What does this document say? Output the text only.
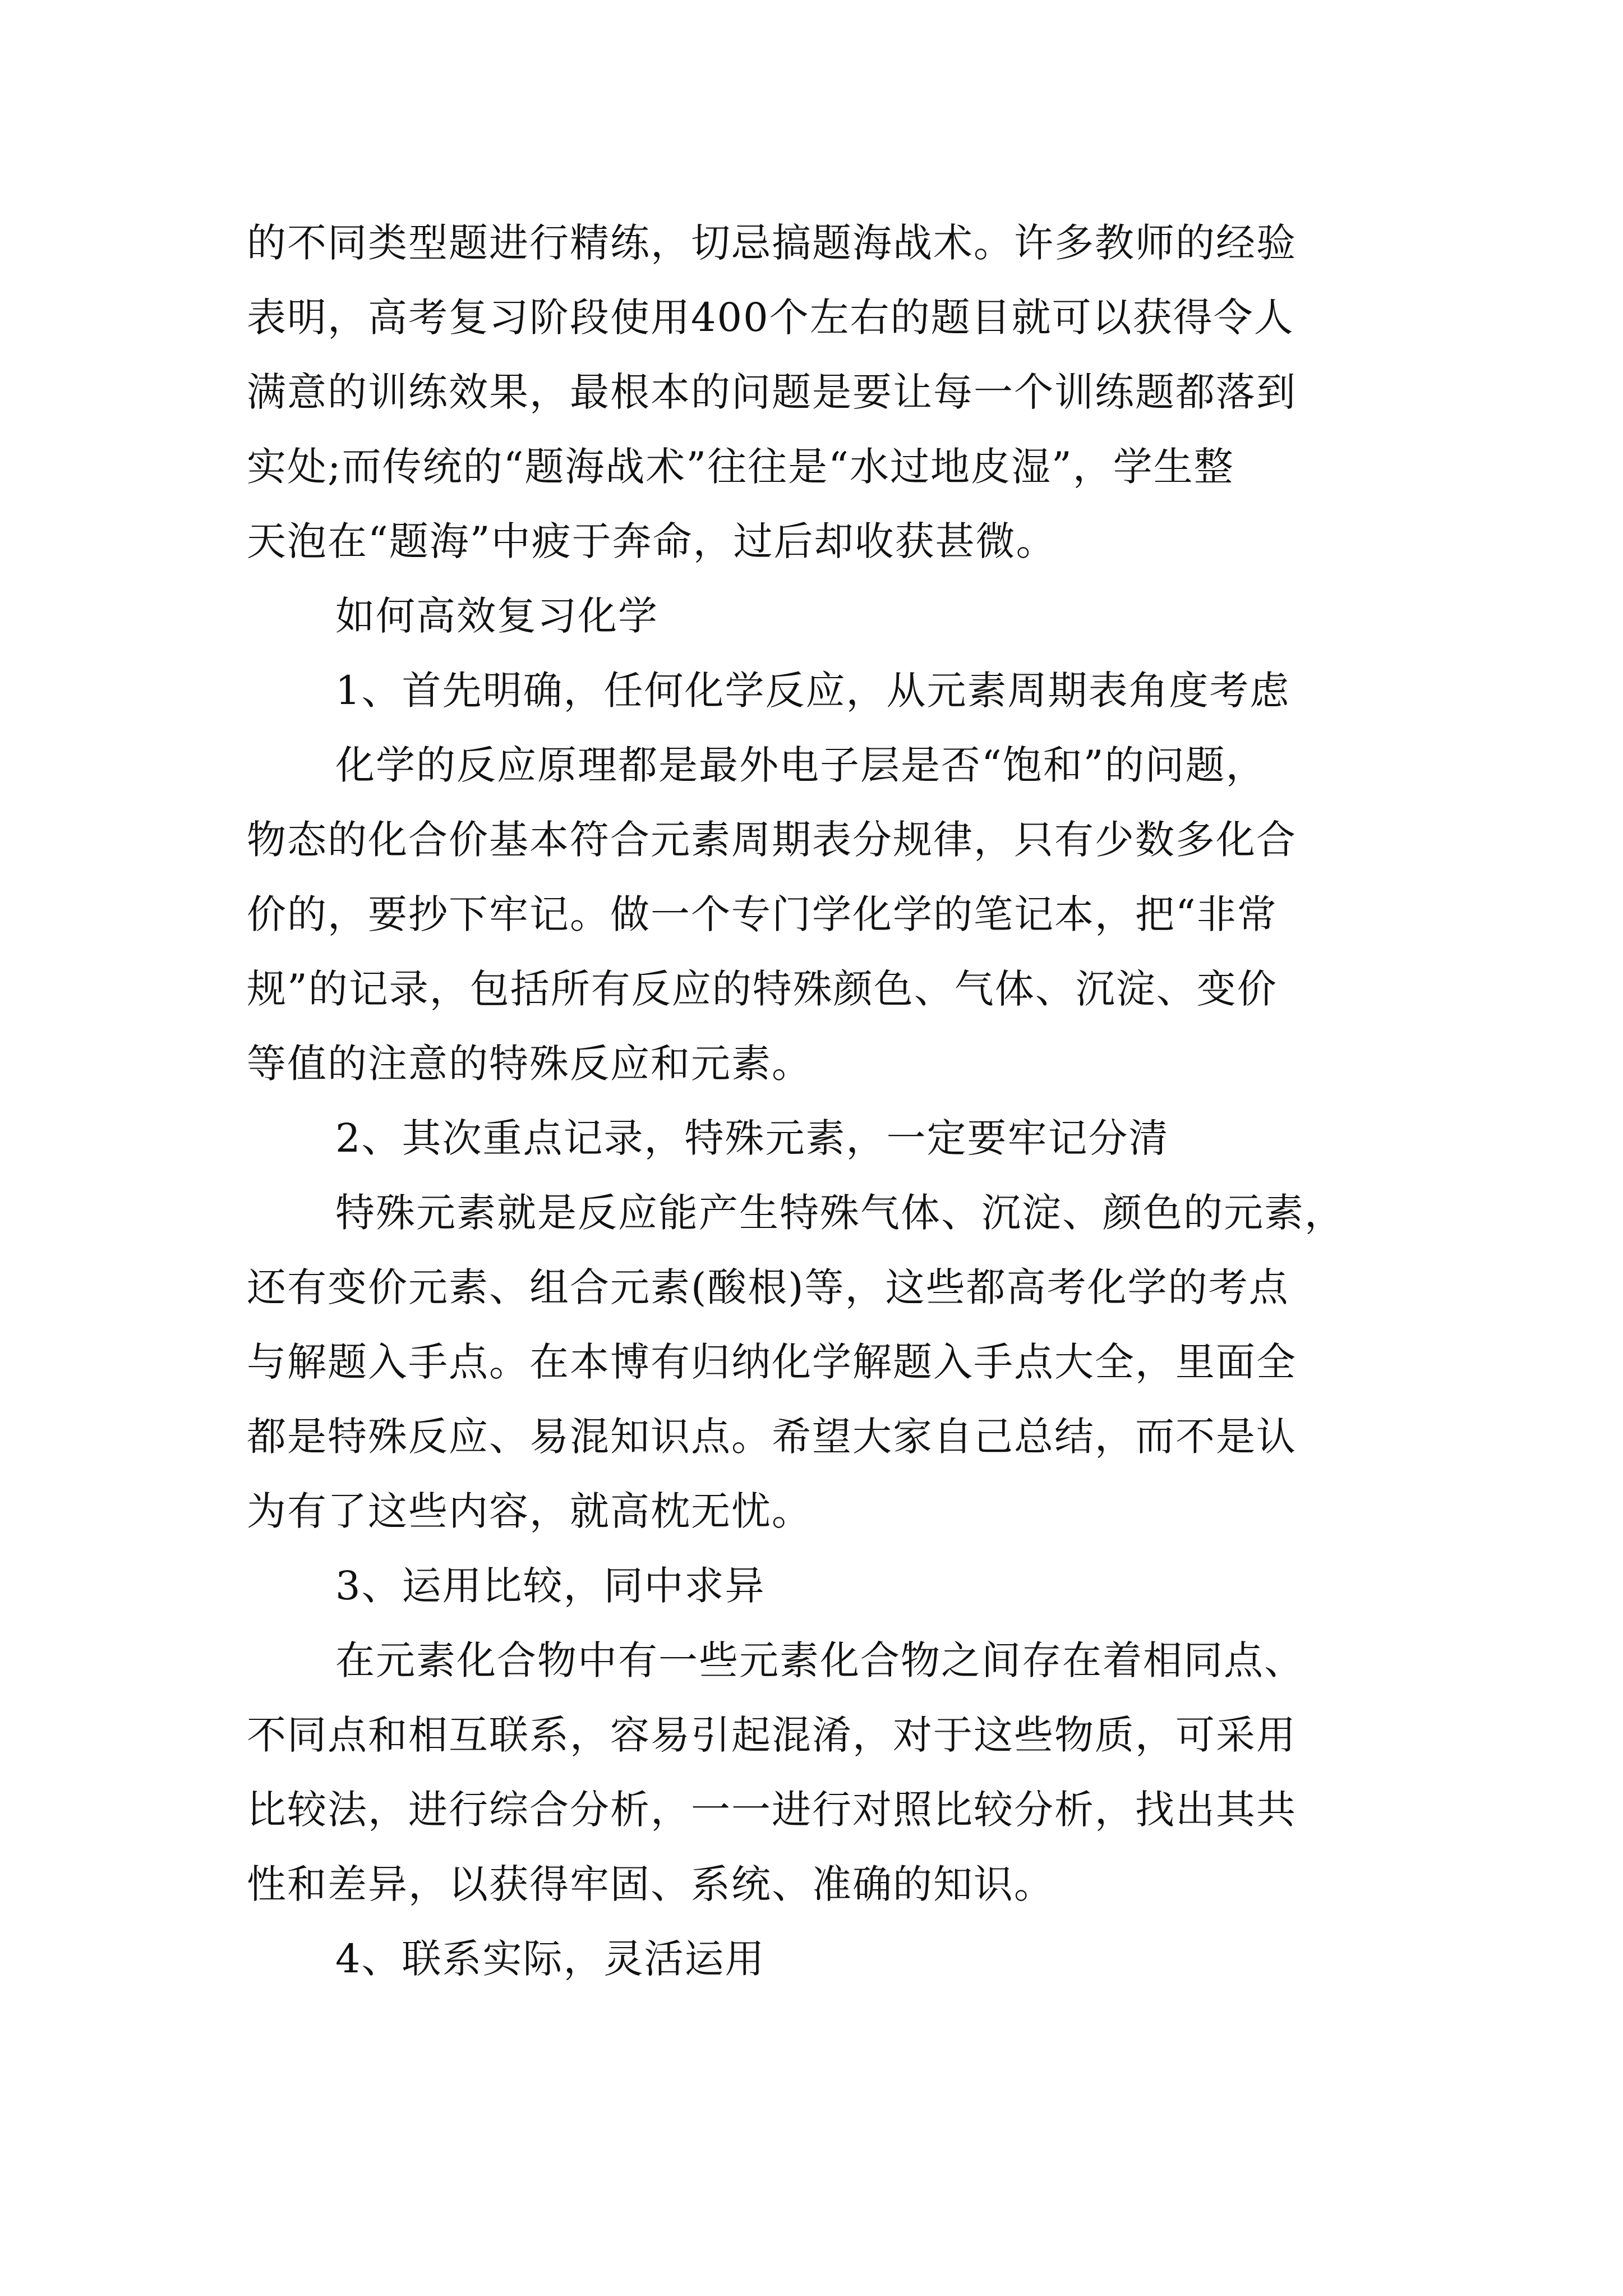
的不同类型题进行精练，切忌搞题海战术。许多教师的经验
表明，高考复习阶段使用400个左右的题目就可以获得令人
满意的训练效果，最根本的问题是要让每一个训练题都落到
实处;而传统的“题海战术”往往是“水过地皮湿”，学生整
天泡在“题海”中疲于奔命，过后却收获甚微。
如何高效复习化学
1、首先明确，任何化学反应，从元素周期表角度考虑
化学的反应原理都是最外电子层是否“饱和”的问题，
物态的化合价基本符合元素周期表分规律，只有少数多化合
价的，要抄下牢记。做一个专门学化学的笔记本，把“非常
规”的记录，包括所有反应的特殊颜色、气体、沉淀、变价
等值的注意的特殊反应和元素。
2、其次重点记录，特殊元素，一定要牢记分清
特殊元素就是反应能产生特殊气体、沉淀、颜色的元素，
还有变价元素、组合元素(酸根)等，这些都高考化学的考点
与解题入手点。在本博有归纳化学解题入手点大全，里面全
都是特殊反应、易混知识点。希望大家自己总结，而不是认
为有了这些内容，就高枕无忧。
3、运用比较，同中求异
在元素化合物中有一些元素化合物之间存在着相同点、
不同点和相互联系，容易引起混淆，对于这些物质，可采用
比较法，进行综合分析，一一进行对照比较分析，找出其共
性和差异，以获得牢固、系统、准确的知识。
4、联系实际，灵活运用
